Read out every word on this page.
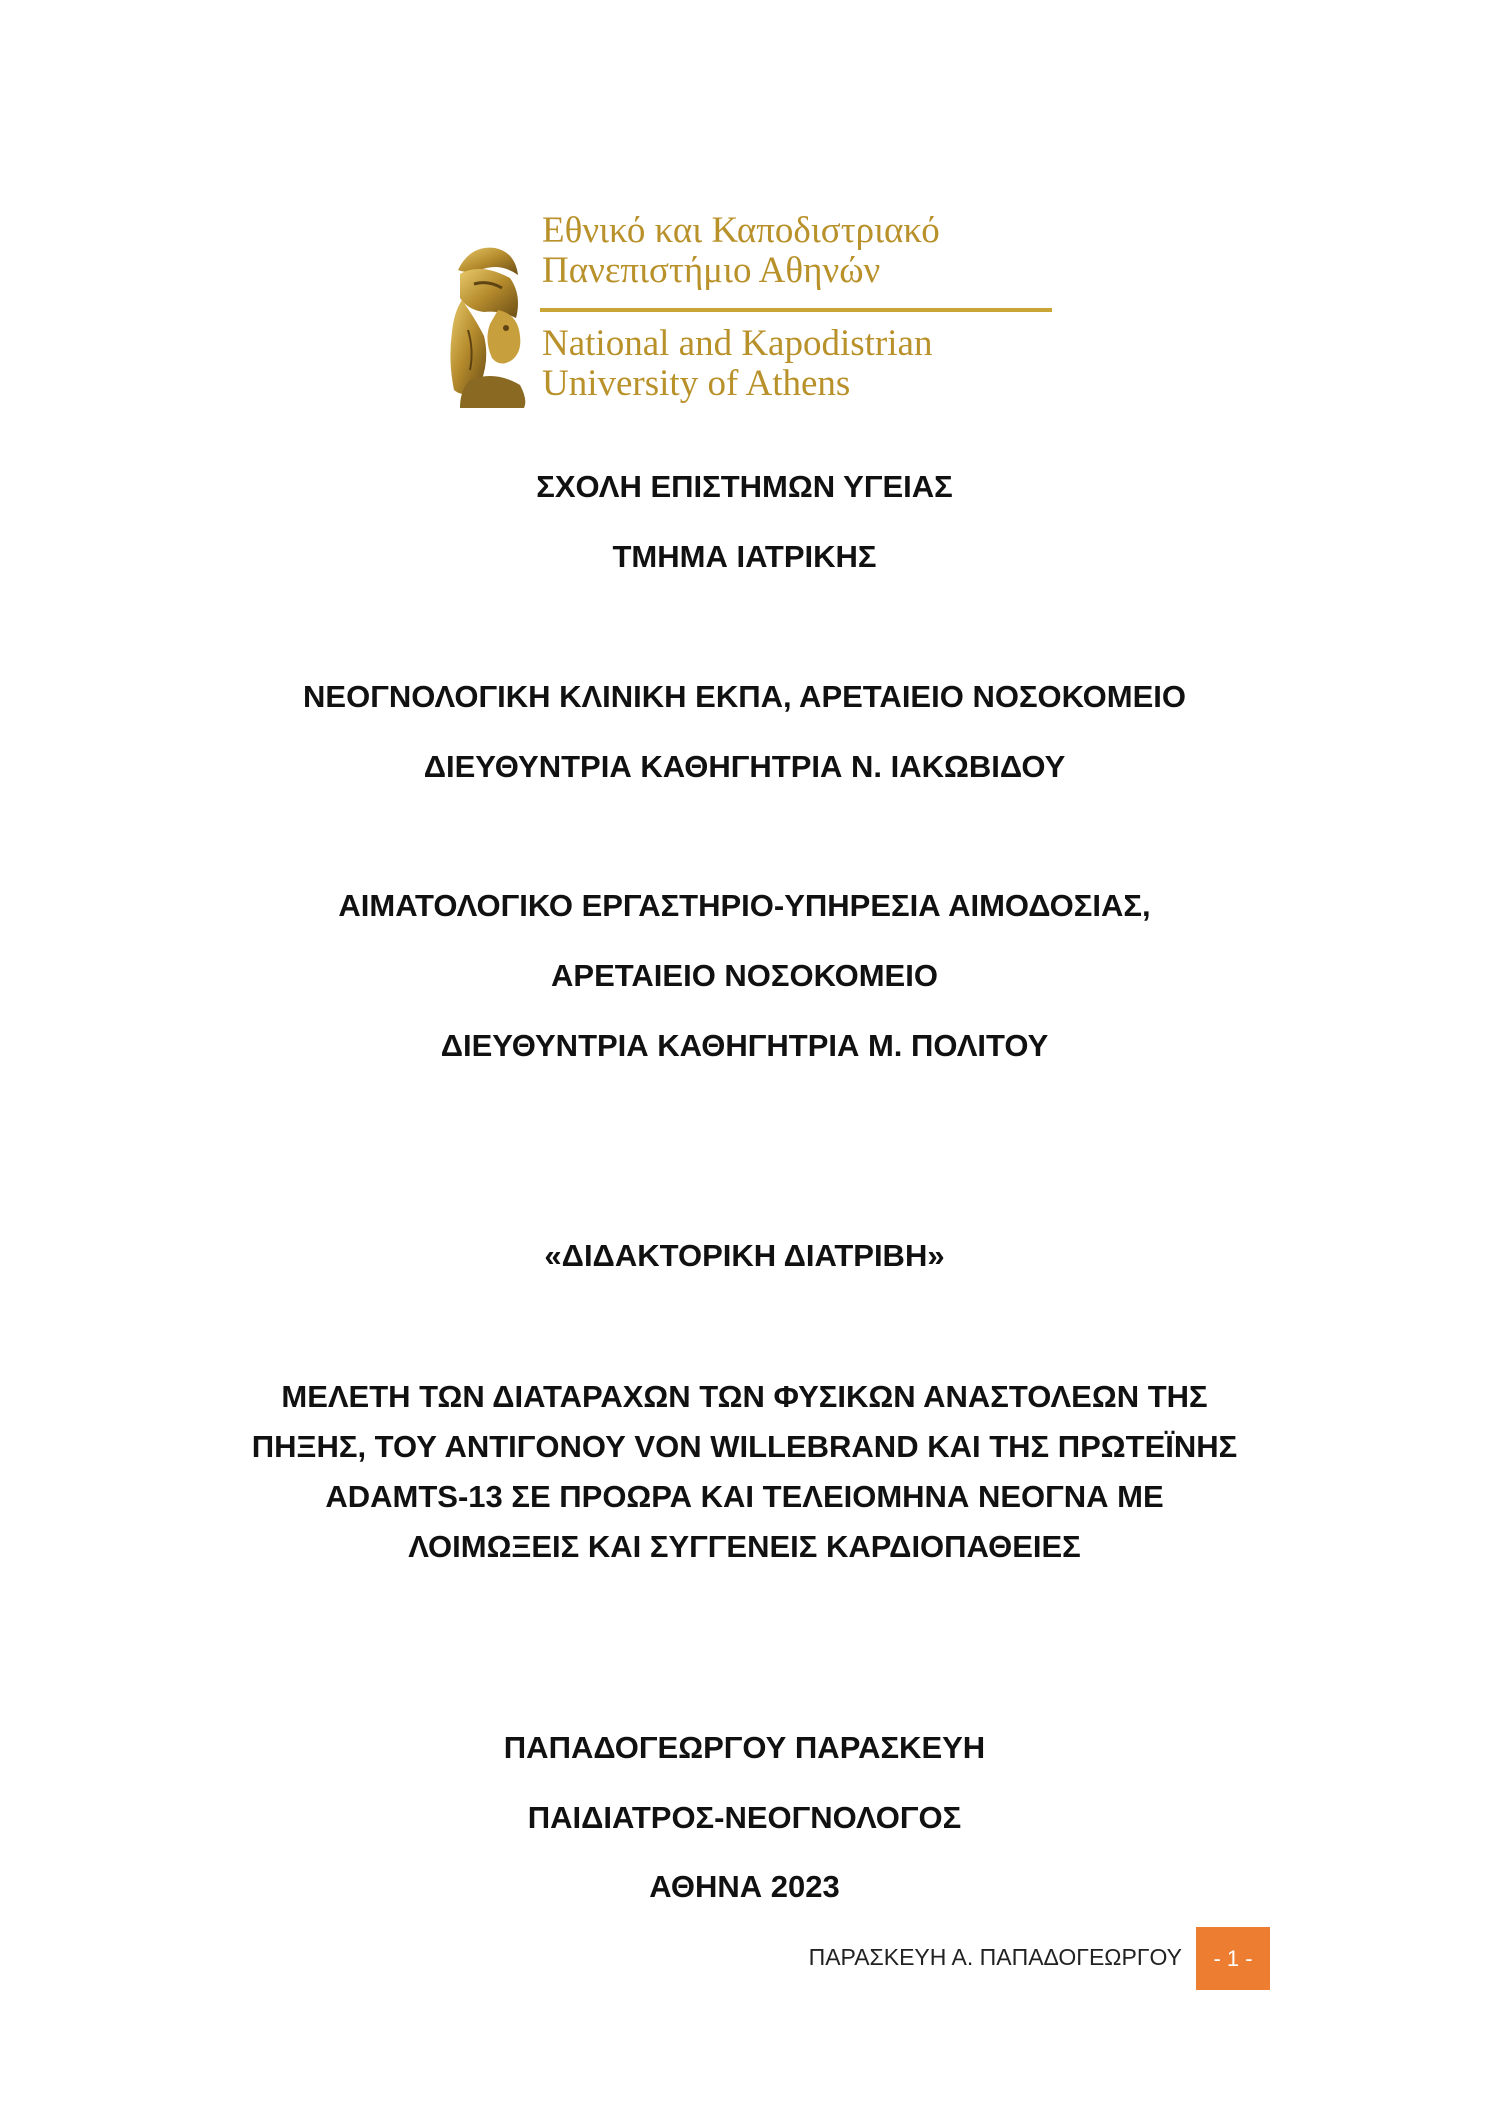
Εθνικό και Καποδιστριακό
Πανεπιστήμιο Αθηνών
National and Kapodistrian
University of Athens
ΣΧΟΛΗ ΕΠΙΣΤΗΜΩΝ ΥΓΕΙΑΣ
ΤΜΗΜΑ ΙΑΤΡΙΚΗΣ
ΝΕΟΓΝΟΛΟΓΙΚΗ ΚΛΙΝΙΚΗ ΕΚΠΑ, ΑΡΕΤΑΙΕΙΟ ΝΟΣΟΚΟΜΕΙΟ
ΔΙΕΥΘΥΝΤΡΙΑ ΚΑΘΗΓΗΤΡΙΑ Ν. ΙΑΚΩΒΙΔΟΥ
ΑΙΜΑΤΟΛΟΓΙΚΟ ΕΡΓΑΣΤΗΡΙΟ-ΥΠΗΡΕΣΙΑ ΑΙΜΟΔΟΣΙΑΣ,
ΑΡΕΤΑΙΕΙΟ ΝΟΣΟΚΟΜΕΙΟ
ΔΙΕΥΘΥΝΤΡΙΑ ΚΑΘΗΓΗΤΡΙΑ Μ. ΠΟΛΙΤΟΥ
«ΔΙΔΑΚΤΟΡΙΚΗ ΔΙΑΤΡΙΒΗ»
ΜΕΛΕΤΗ ΤΩΝ ΔΙΑΤΑΡΑΧΩΝ ΤΩΝ ΦΥΣΙΚΩΝ ΑΝΑΣΤΟΛΕΩΝ ΤΗΣ
ΠΗΞΗΣ, ΤΟΥ ΑΝΤΙΓΟΝΟΥ VON WILLEBRAND ΚΑΙ ΤΗΣ ΠΡΩΤΕΪΝΗΣ
ADAMTS-13 ΣΕ ΠΡΟΩΡΑ ΚΑΙ ΤΕΛΕΙΟΜΗΝΑ ΝΕΟΓΝΑ ΜΕ
ΛΟΙΜΩΞΕΙΣ ΚΑΙ ΣΥΓΓΕΝΕΙΣ ΚΑΡΔΙΟΠΑΘΕΙΕΣ
ΠΑΠΑΔΟΓΕΩΡΓΟΥ ΠΑΡΑΣΚΕΥΗ
ΠΑΙΔΙΑΤΡΟΣ-ΝΕΟΓΝΟΛΟΓΟΣ
ΑΘΗΝΑ 2023
ΠΑΡΑΣΚΕΥΗ Α. ΠΑΠΑΔΟΓΕΩΡΓΟΥ	- 1 -
